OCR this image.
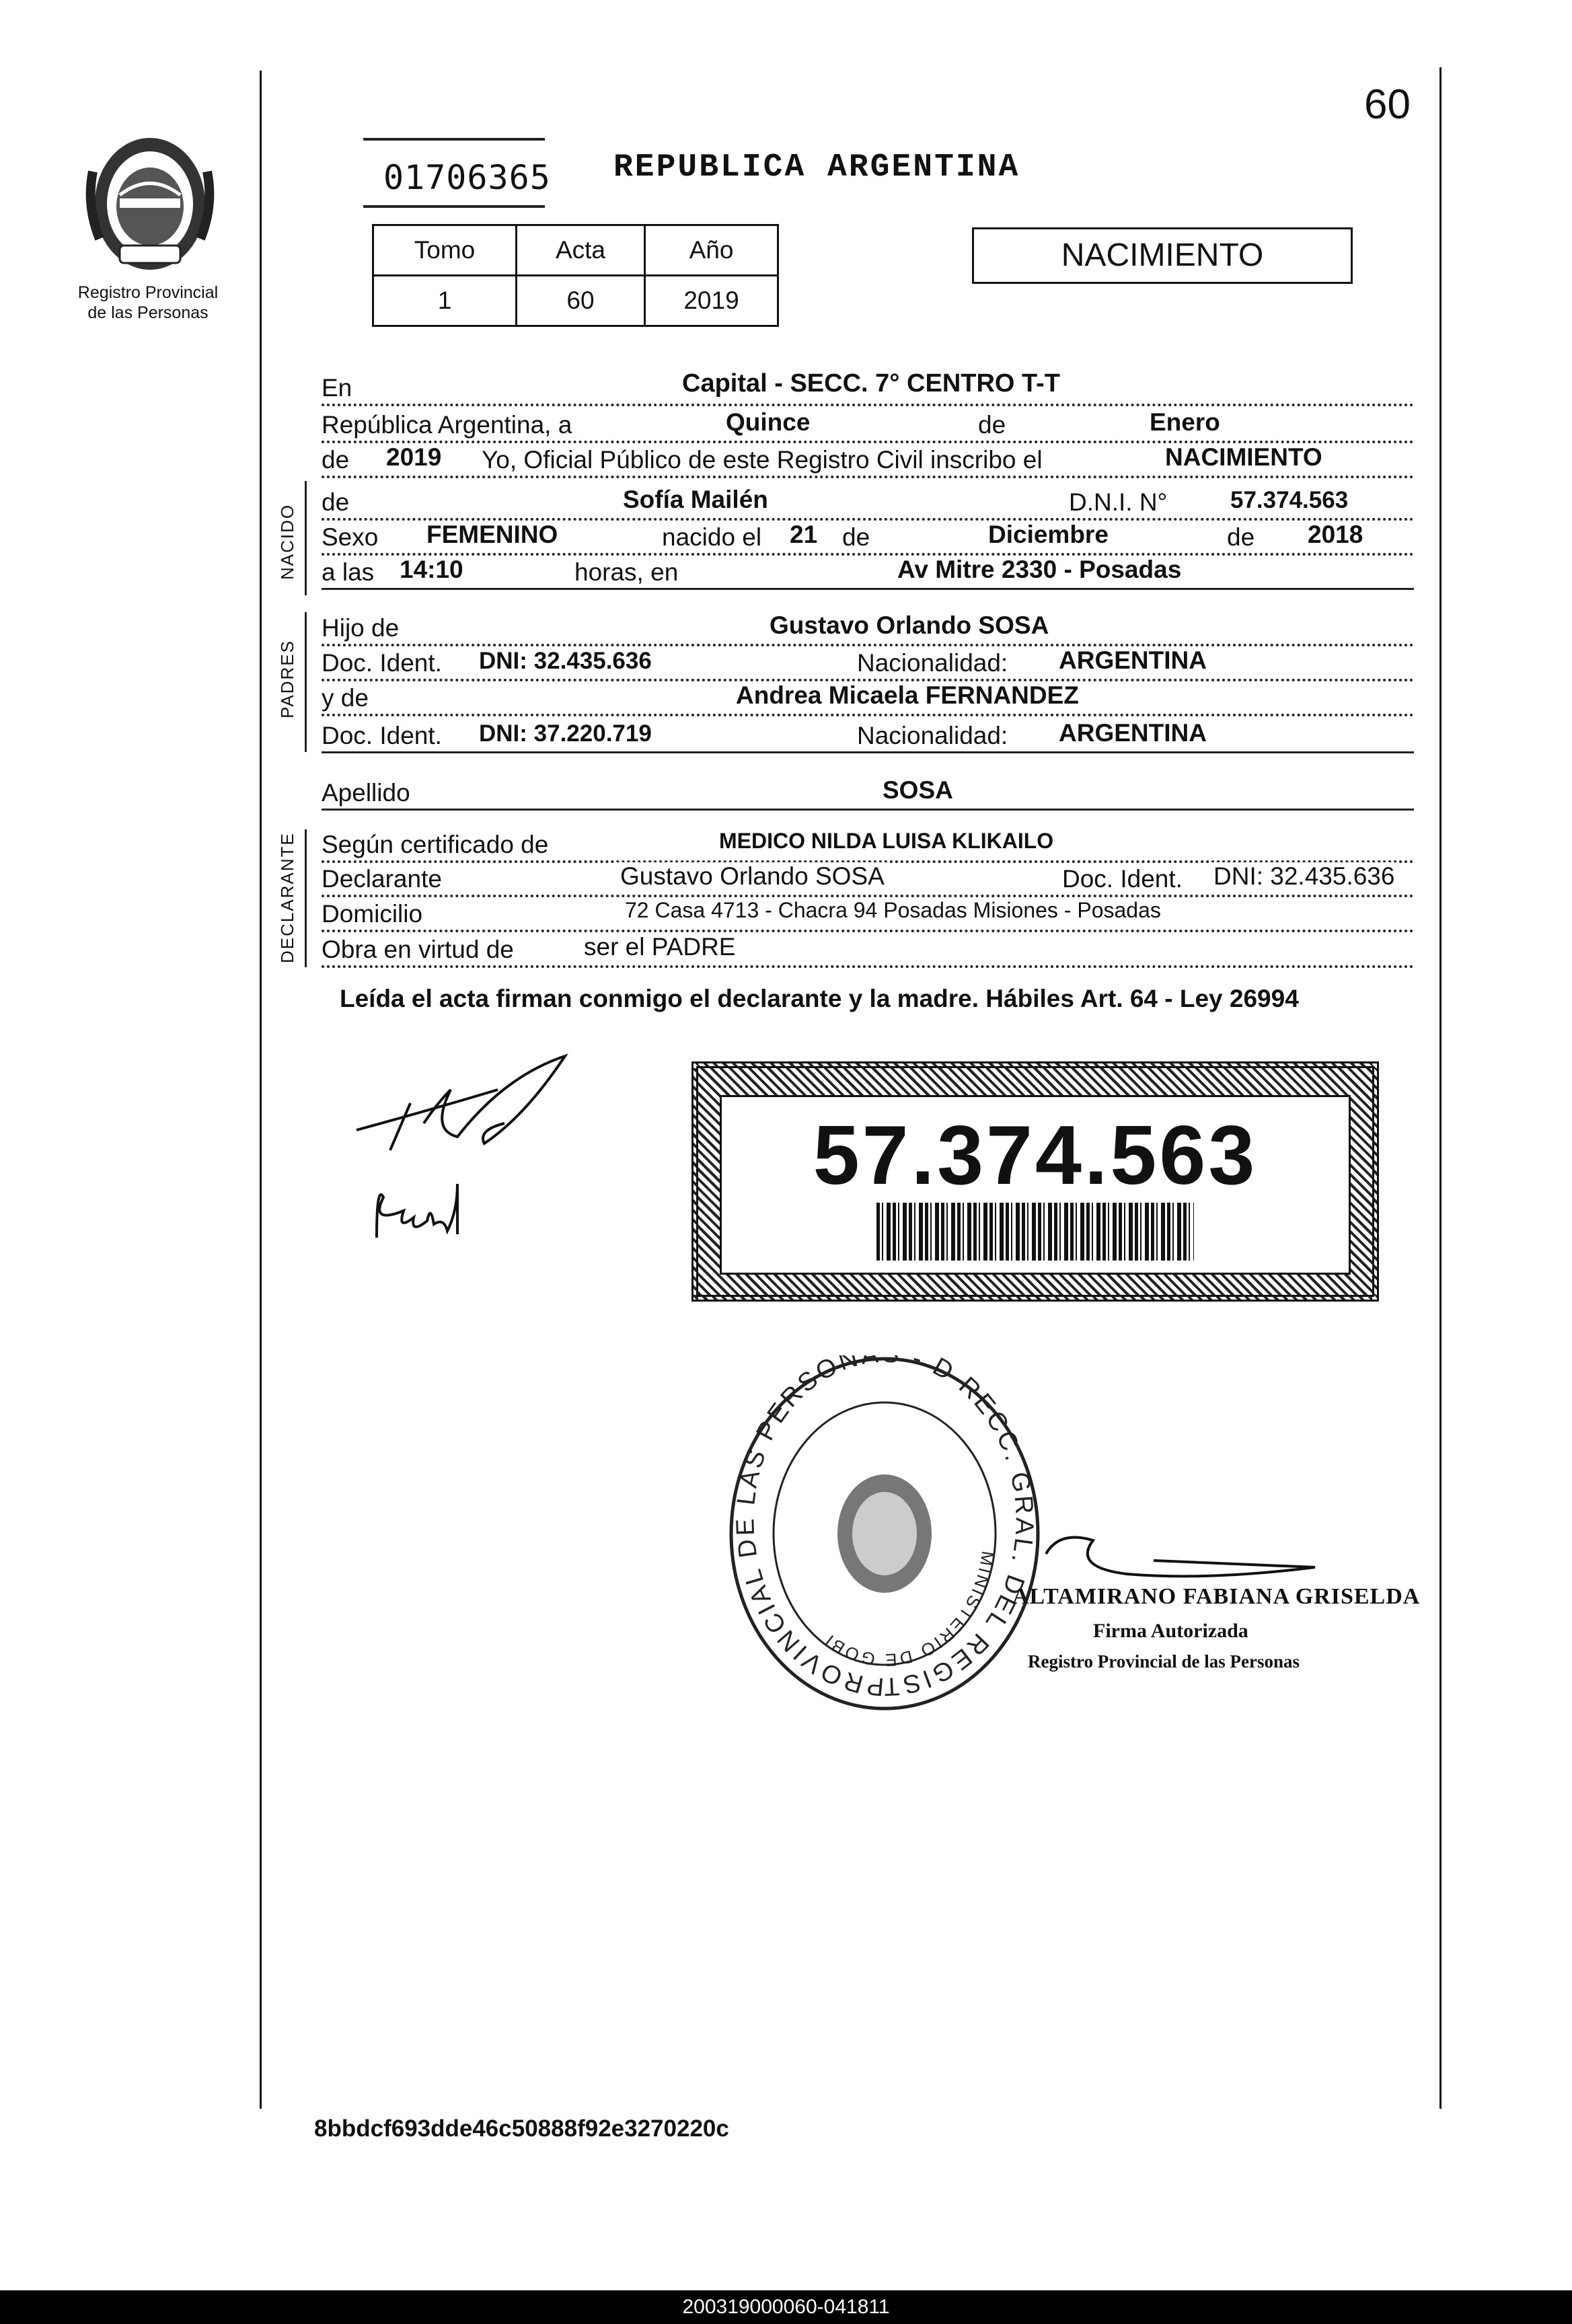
60
Registro Provincial
de las Personas
01706365 REPUBLICA ARGENTINA
Tomo	Acta	Año
1	60	2019
NACIMIENTO
En	Capital - SECC. 7° CENTRO T-T
República Argentina, a	Quince	de	Enero
de 2019 Yo, Oficial Público de este Registro Civil inscribo el	NACIMIENTO
NACIDO
de	Sofía Mailén	D.N.I. N°	57.374.563
Sexo FEMENINO	nacido el 21 de	Diciembre	de 2018
a las 14:10	horas, en	Av Mitre 2330 - Posadas
PADRES
Hijo de	Gustavo Orlando SOSA
Doc. Ident. DNI: 32.435.636	Nacionalidad: ARGENTINA
y de	Andrea Micaela FERNANDEZ
Doc. Ident. DNI: 37.220.719	Nacionalidad: ARGENTINA
Apellido	SOSA
DECLARANTE Según certificado de	MEDICO NILDA LUISA KLIKAILO
Declarante	Gustavo Orlando SOSA	Doc. Ident. DNI: 32.435.636
Domicilio	72 Casa 4713 - Chacra 94 Posadas Misiones - Posadas
Obra en virtud de	ser el PADRE
Leída el acta firman conmigo el declarante y la madre. Hábiles Art. 64 - Ley 26994
57.374.563
PROVINCIAL DE LAS PERSON - D RECC. GRAL. DEL REGIST
MINISTERIO DE GOBI
ALTAMIRANO FABIANA GRISELDA
Firma Autorizada
Registro Provincial de las Personas
8bbdcf693dde46c50888f92e3270220c
200319000060-041811
